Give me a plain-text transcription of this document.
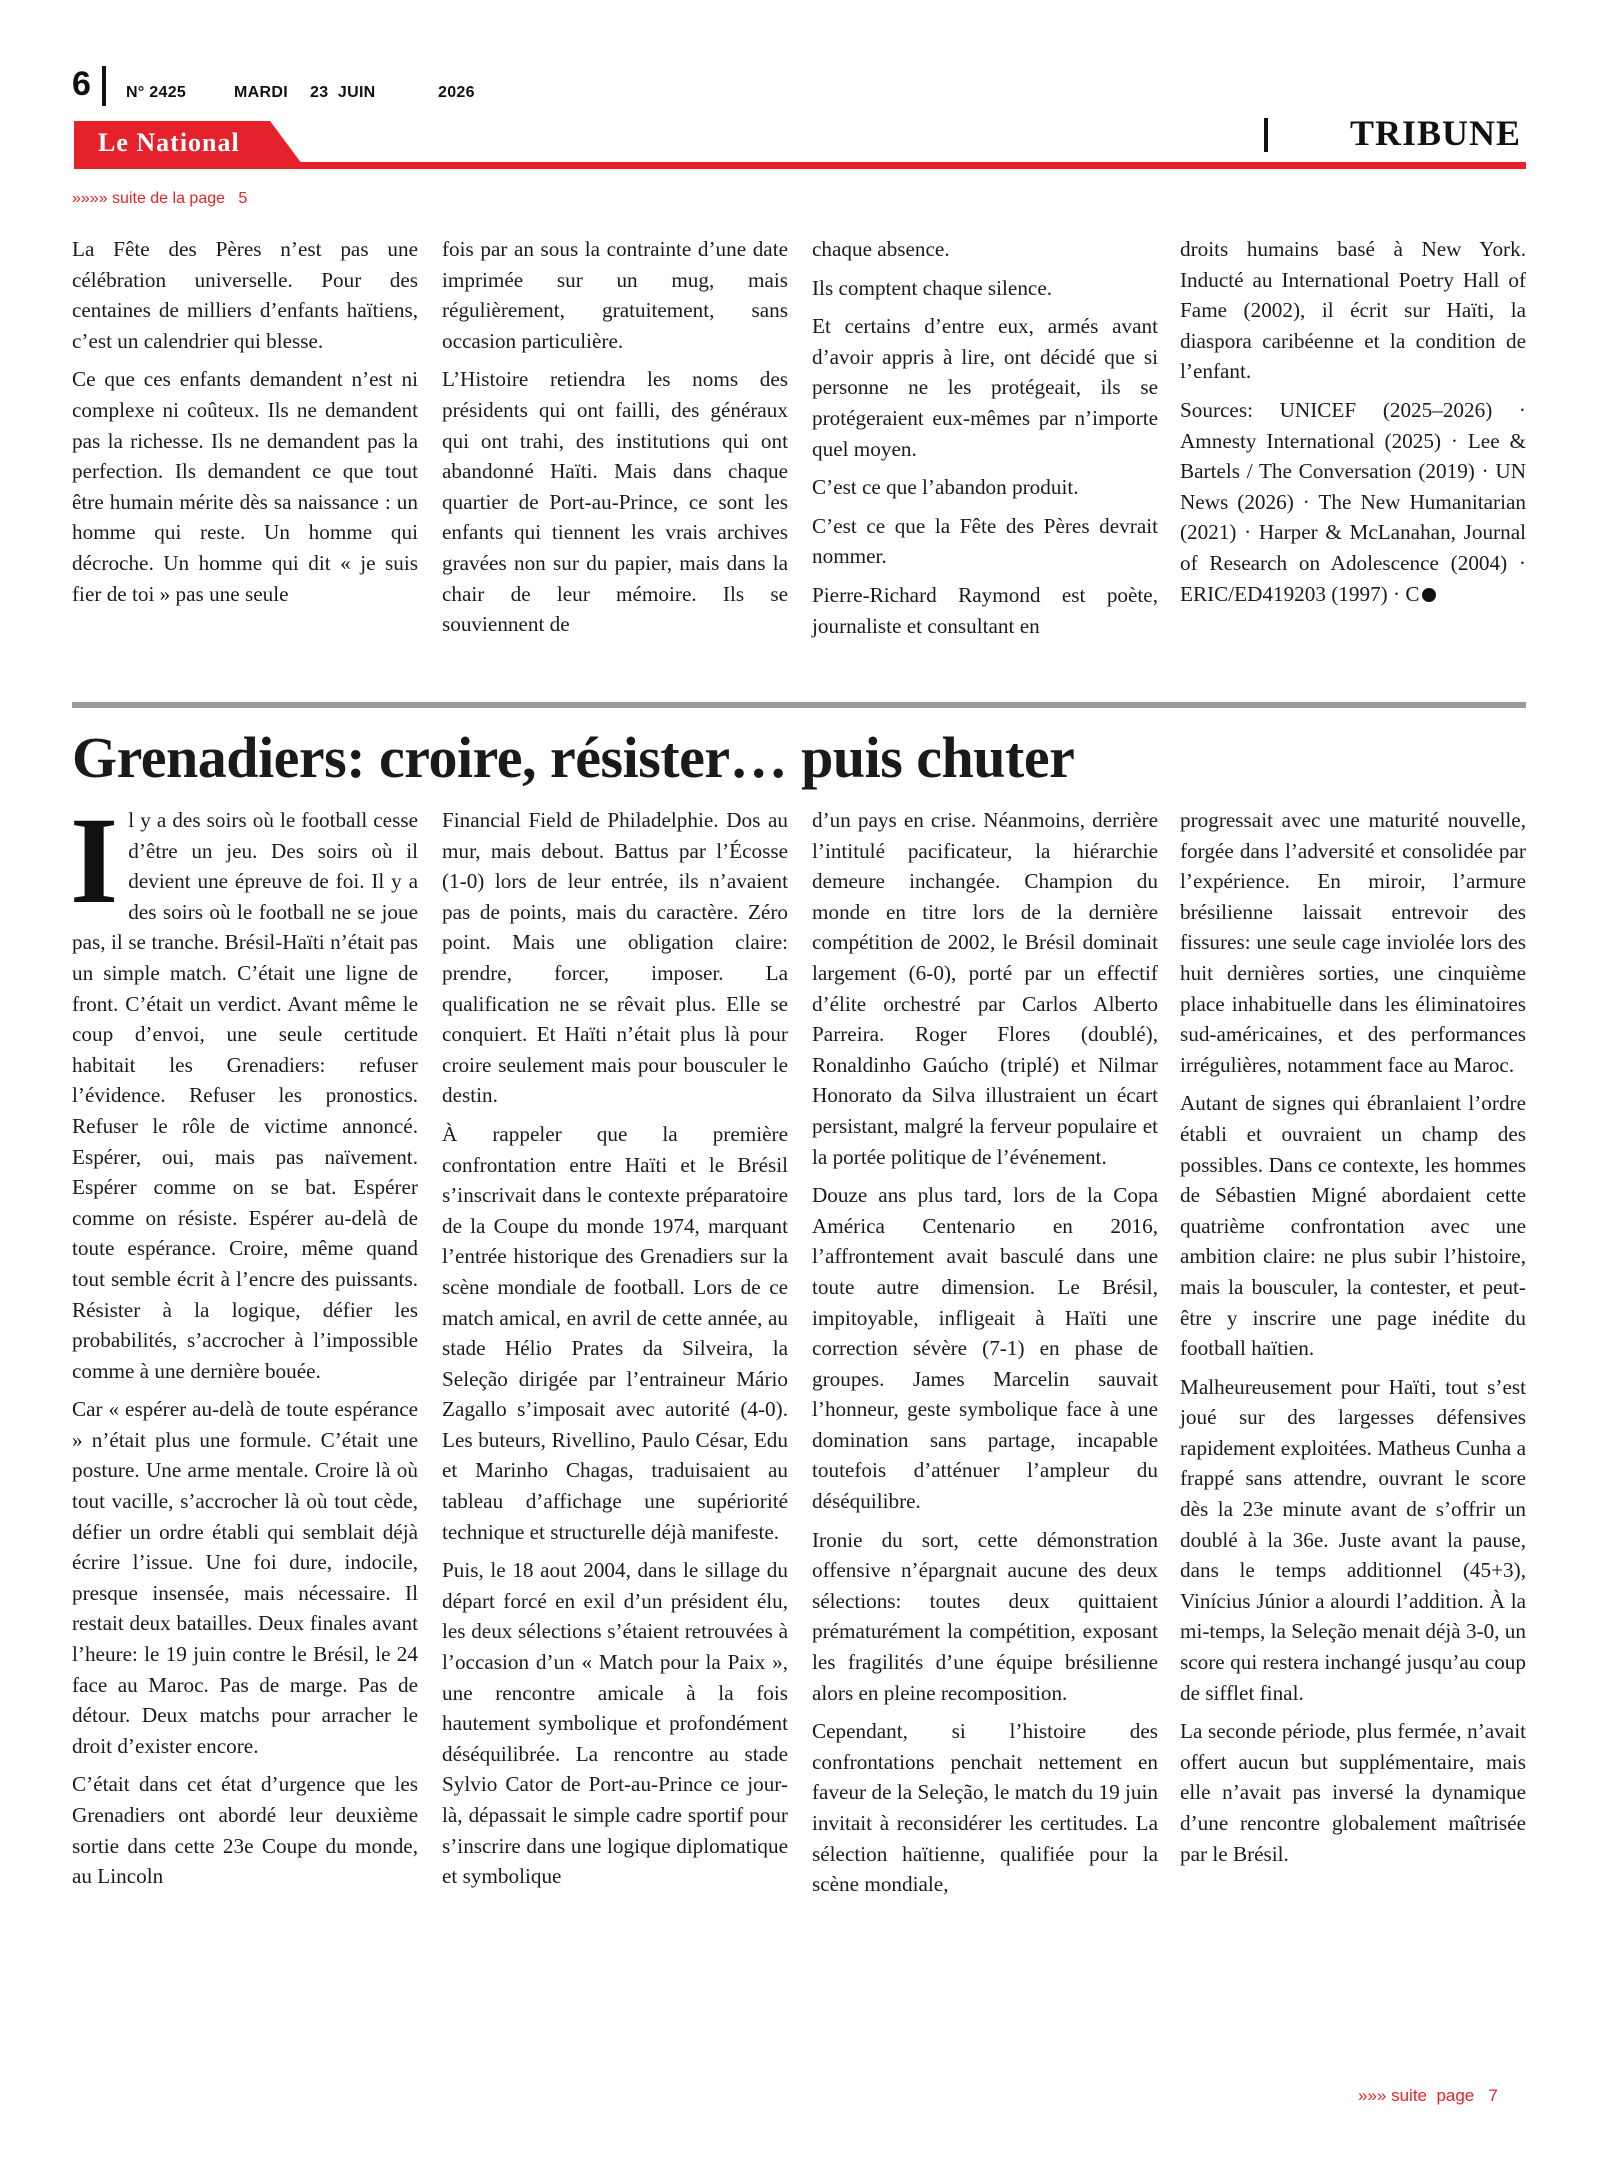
6 N° 2425	MARDI 23  JUIN	2026
Le National	TRIBUNE
»»»» suite de la page   5

La Fête des Pères n’est pas une célébration universelle. Pour des centaines de milliers d’enfants haïtiens, c’est un calendrier qui blesse.

Ce que ces enfants demandent n’est ni complexe ni coûteux. Ils ne demandent pas la richesse. Ils ne demandent pas la perfection. Ils demandent ce que tout être humain mérite dès sa naissance : un homme qui reste. Un homme qui décroche. Un homme qui dit « je suis fier de toi » pas une seule

fois par an sous la contrainte d’une date imprimée sur un mug, mais régulièrement, gratuitement, sans occasion particulière.

L’Histoire retiendra les noms des présidents qui ont failli, des généraux qui ont trahi, des institutions qui ont abandonné Haïti. Mais dans chaque quartier de Port-au-Prince, ce sont les enfants qui tiennent les vrais archives gravées non sur du papier, mais dans la chair de leur mémoire. Ils se souviennent de

chaque absence.

Ils comptent chaque silence.

Et certains d’entre eux, armés avant d’avoir appris à lire, ont décidé que si personne ne les protégeait, ils se protégeraient eux-mêmes par n’importe quel moyen.

C’est ce que l’abandon produit.

C’est ce que la Fête des Pères devrait nommer.

Pierre-Richard Raymond est poète, journaliste et consultant en

droits humains basé à New York. Inducté au International Poetry Hall of Fame (2002), il écrit sur Haïti, la diaspora caribéenne et la condition de l’enfant.

Sources: UNICEF (2025–2026) · Amnesty International (2025) · Lee & Bartels / The Conversation (2019) · UN News (2026) · The New Humanitarian (2021) · Harper & McLanahan, Journal of Research on Adolescence (2004) · ERIC/ED419203 (1997) · C

Grenadiers: croire, résister… puis chuter

Il y a des soirs où le football cesse d’être un jeu. Des soirs où il devient une épreuve de foi. Il y a des soirs où le football ne se joue pas, il se tranche. Brésil-Haïti n’était pas un simple match. C’était une ligne de front. C’était un verdict. Avant même le coup d’envoi, une seule certitude habitait les Grenadiers: refuser l’évidence. Refuser les pronostics. Refuser le rôle de victime annoncé. Espérer, oui, mais pas naïvement. Espérer comme on se bat. Espérer comme on résiste. Espérer au-delà de toute espérance. Croire, même quand tout semble écrit à l’encre des puissants. Résister à la logique, défier les probabilités, s’accrocher à l’impossible comme à une dernière bouée.

Car « espérer au-delà de toute espérance » n’était plus une formule. C’était une posture. Une arme mentale. Croire là où tout vacille, s’accrocher là où tout cède, défier un ordre établi qui semblait déjà écrire l’issue. Une foi dure, indocile, presque insensée, mais nécessaire. Il restait deux batailles. Deux finales avant l’heure: le 19 juin contre le Brésil, le 24 face au Maroc. Pas de marge. Pas de détour. Deux matchs pour arracher le droit d’exister encore.

C’était dans cet état d’urgence que les Grenadiers ont abordé leur deuxième sortie dans cette 23e Coupe du monde, au Lincoln

Financial Field de Philadelphie. Dos au mur, mais debout. Battus par l’Écosse (1-0) lors de leur entrée, ils n’avaient pas de points, mais du caractère. Zéro point. Mais une obligation claire: prendre, forcer, imposer. La qualification ne se rêvait plus. Elle se conquiert. Et Haïti n’était plus là pour croire seulement mais pour bousculer le destin.

À rappeler que la première confrontation entre Haïti et le Brésil s’inscrivait dans le contexte préparatoire de la Coupe du monde 1974, marquant l’entrée historique des Grenadiers sur la scène mondiale de football. Lors de ce match amical, en avril de cette année, au stade Hélio Prates da Silveira, la Seleção dirigée par l’entraineur Mário Zagallo s’imposait avec autorité (4-0). Les buteurs, Rivellino, Paulo César, Edu et Marinho Chagas, traduisaient au tableau d’affichage une supériorité technique et structurelle déjà manifeste.

Puis, le 18 aout 2004, dans le sillage du départ forcé en exil d’un président élu, les deux sélections s’étaient retrouvées à l’occasion d’un « Match pour la Paix », une rencontre amicale à la fois hautement symbolique et profondément déséquilibrée. La rencontre au stade Sylvio Cator de Port-au-Prince ce jour-là, dépassait le simple cadre sportif pour s’inscrire dans une logique diplomatique et symbolique

d’un pays en crise. Néanmoins, derrière l’intitulé pacificateur, la hiérarchie demeure inchangée. Champion du monde en titre lors de la dernière compétition de 2002, le Brésil dominait largement (6-0), porté par un effectif d’élite orchestré par Carlos Alberto Parreira. Roger Flores (doublé), Ronaldinho Gaúcho (triplé) et Nilmar Honorato da Silva illustraient un écart persistant, malgré la ferveur populaire et la portée politique de l’événement.

Douze ans plus tard, lors de la Copa América Centenario en 2016, l’affrontement avait basculé dans une toute autre dimension. Le Brésil, impitoyable, infligeait à Haïti une correction sévère (7-1) en phase de groupes. James Marcelin sauvait l’honneur, geste symbolique face à une domination sans partage, incapable toutefois d’atténuer l’ampleur du déséquilibre.

Ironie du sort, cette démonstration offensive n’épargnait aucune des deux sélections: toutes deux quittaient prématurément la compétition, exposant les fragilités d’une équipe brésilienne alors en pleine recomposition.

Cependant, si l’histoire des confrontations penchait nettement en faveur de la Seleção, le match du 19 juin invitait à reconsidérer les certitudes. La sélection haïtienne, qualifiée pour la scène mondiale,

progressait avec une maturité nouvelle, forgée dans l’adversité et consolidée par l’expérience. En miroir, l’armure brésilienne laissait entrevoir des fissures: une seule cage inviolée lors des huit dernières sorties, une cinquième place inhabituelle dans les éliminatoires sud-américaines, et des performances irrégulières, notamment face au Maroc.

Autant de signes qui ébranlaient l’ordre établi et ouvraient un champ des possibles. Dans ce contexte, les hommes de Sébastien Migné abordaient cette quatrième confrontation avec une ambition claire: ne plus subir l’histoire, mais la bousculer, la contester, et peut-être y inscrire une page inédite du football haïtien.

Malheureusement pour Haïti, tout s’est joué sur des largesses défensives rapidement exploitées. Matheus Cunha a frappé sans attendre, ouvrant le score dès la 23e minute avant de s’offrir un doublé à la 36e. Juste avant la pause, dans le temps additionnel (45+3), Vinícius Júnior a alourdi l’addition. À la mi-temps, la Seleção menait déjà 3-0, un score qui restera inchangé jusqu’au coup de sifflet final.

La seconde période, plus fermée, n’avait offert aucun but supplémentaire, mais elle n’avait pas inversé la dynamique d’une rencontre globalement maîtrisée par le Brésil.

»»» suite  page   7
